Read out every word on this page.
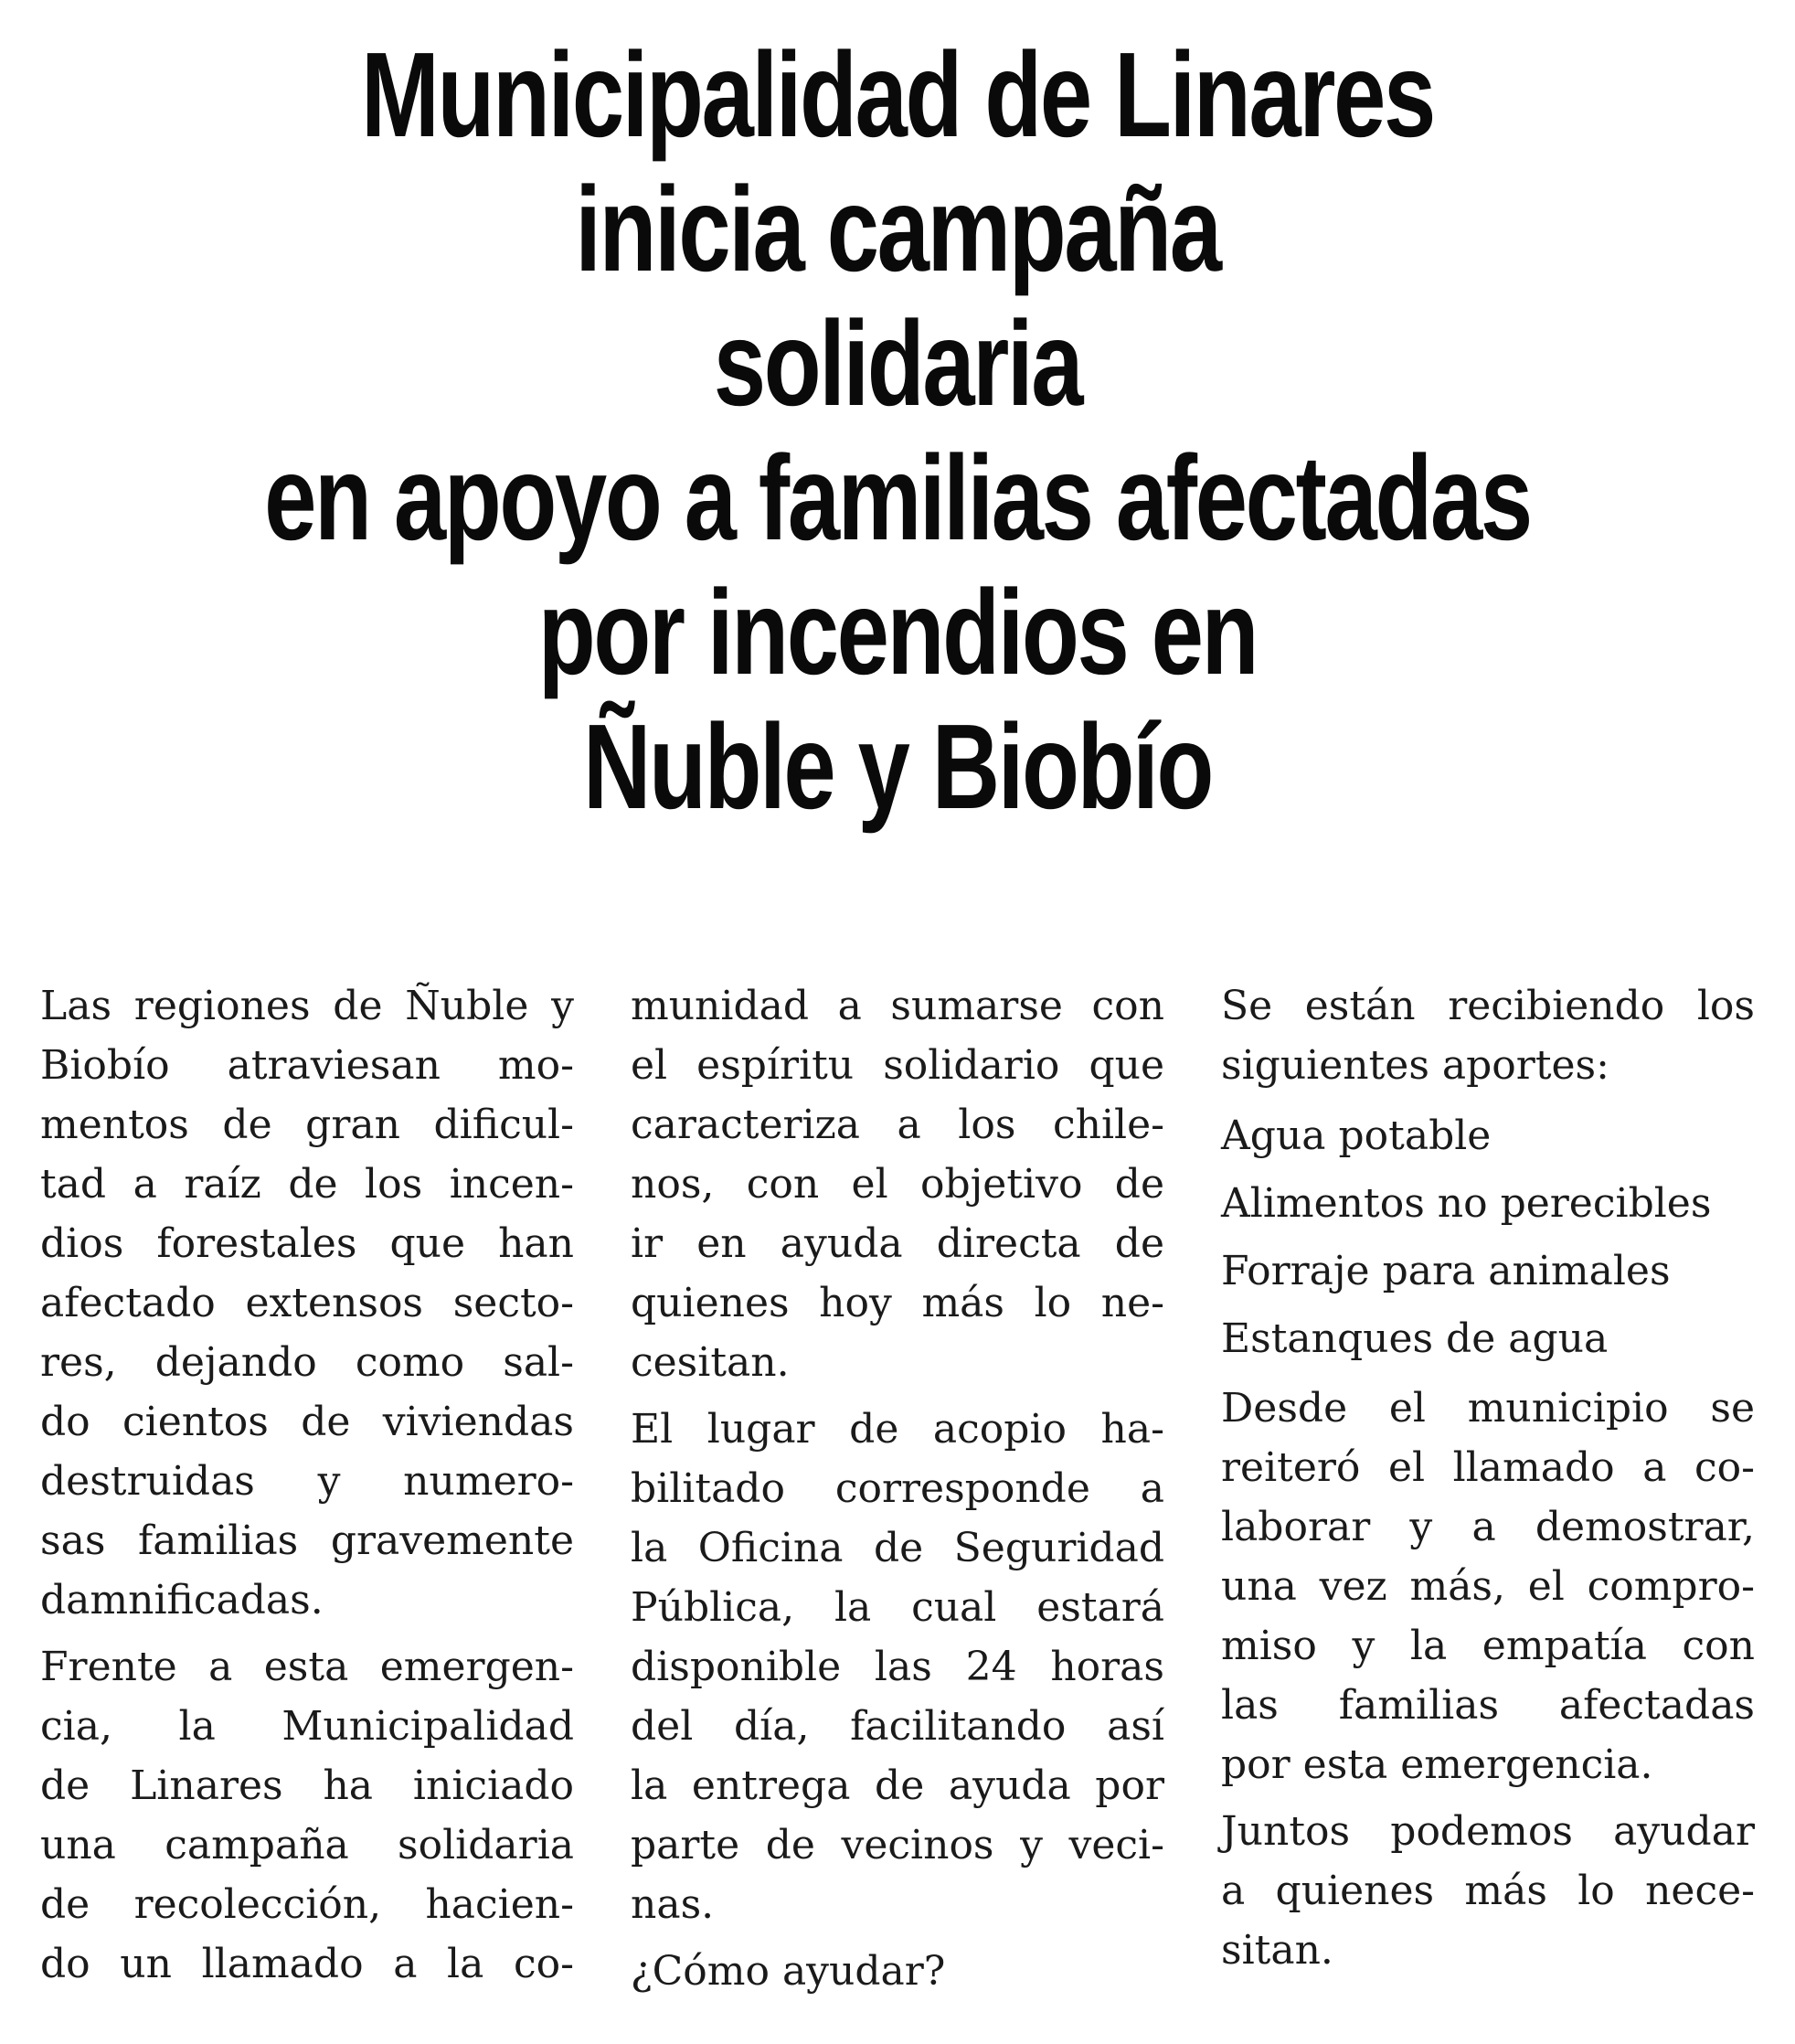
Municipalidad de Linares
inicia campaña
solidaria
en apoyo a familias afectadas
por incendios en
Ñuble y Biobío

Las regiones de Ñuble y
Biobío atraviesan mo-
mentos de gran dificul-
tad a raíz de los incen-
dios forestales que han
afectado extensos secto-
res, dejando como sal-
do cientos de viviendas
destruidas y numero-
sas familias gravemente
damnificadas.

Frente a esta emergen-
cia, la Municipalidad
de Linares ha iniciado
una campaña solidaria
de recolección, hacien-
do un llamado a la co-

munidad a sumarse con
el espíritu solidario que
caracteriza a los chile-
nos, con el objetivo de
ir en ayuda directa de
quienes hoy más lo ne-
cesitan.

El lugar de acopio ha-
bilitado corresponde a
la Oficina de Seguridad
Pública, la cual estará
disponible las 24 horas
del día, facilitando así
la entrega de ayuda por
parte de vecinos y veci-
nas.

¿Cómo ayudar?

Se están recibiendo los
siguientes aportes:

Agua potable
Alimentos no perecibles
Forraje para animales
Estanques de agua

Desde el municipio se
reiteró el llamado a co-
laborar y a demostrar,
una vez más, el compro-
miso y la empatía con
las familias afectadas
por esta emergencia.

Juntos podemos ayudar
a quienes más lo nece-
sitan.
